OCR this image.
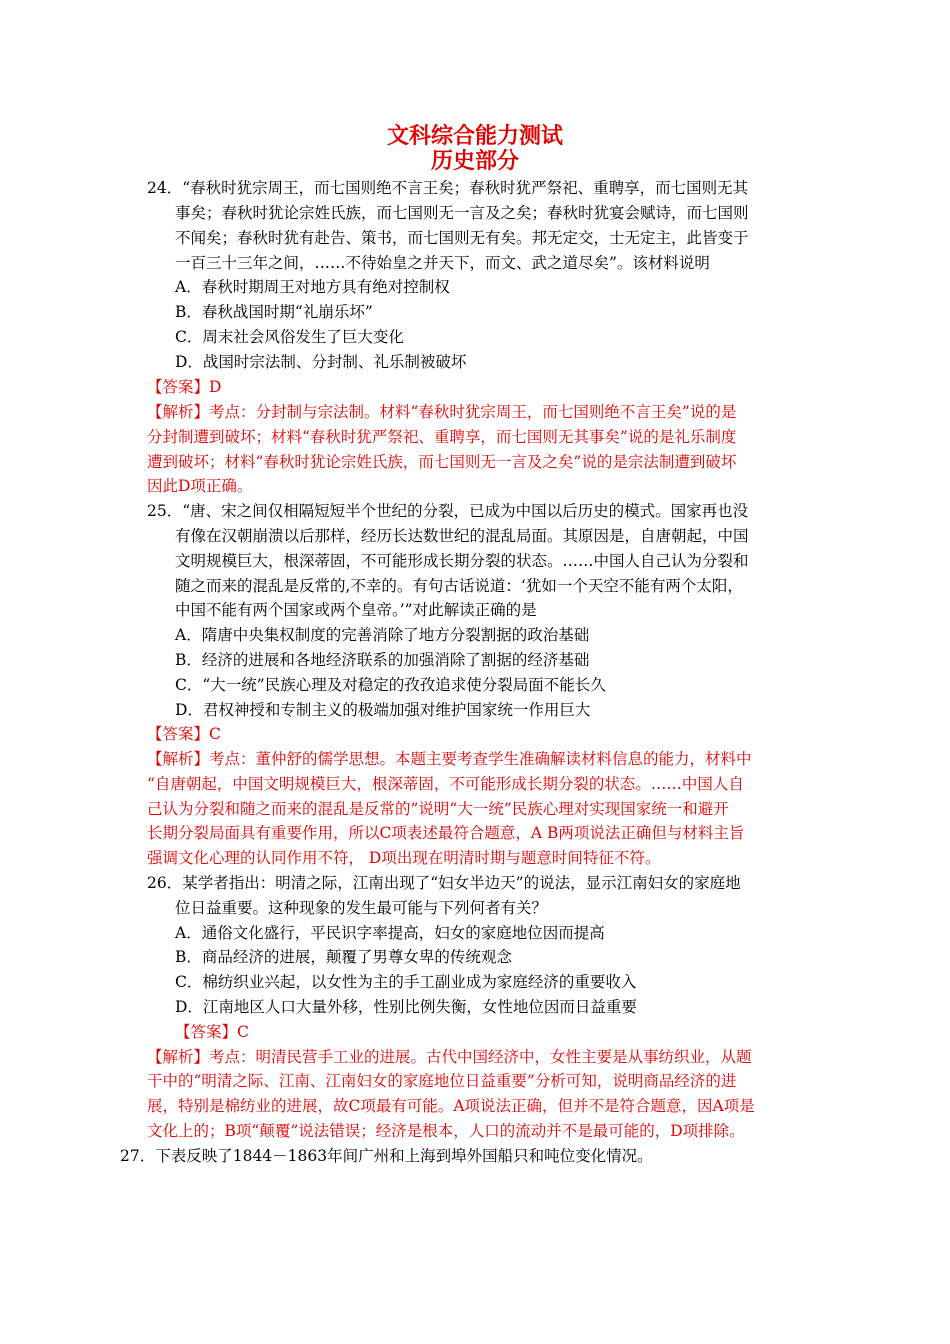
文科综合能力测试
历史部分
24．“春秋时犹宗周王，而七国则绝不言王矣；春秋时犹严祭祀、重聘享，而七国则无其
事矣；春秋时犹论宗姓氏族，而七国则无一言及之矣；春秋时犹宴会赋诗，而七国则
不闻矣；春秋时犹有赴告、策书，而七国则无有矣。邦无定交，士无定主，此皆变于
一百三十三年之间，……不待始皇之并天下，而文、武之道尽矣”。该材料说明
A．春秋时期周王对地方具有绝对控制权
B．春秋战国时期“礼崩乐坏”
C．周末社会风俗发生了巨大变化
D．战国时宗法制、分封制、礼乐制被破坏
【答案】D
【解析】考点：分封制与宗法制。材料“春秋时犹宗周王，而七国则绝不言王矣”说的是
分封制遭到破坏；材料“春秋时犹严祭祀、重聘享，而七国则无其事矣”说的是礼乐制度
遭到破坏；材料“春秋时犹论宗姓氏族，而七国则无一言及之矣”说的是宗法制遭到破坏
因此D项正确。
25．“唐、宋之间仅相隔短短半个世纪的分裂，已成为中国以后历史的模式。国家再也没
有像在汉朝崩溃以后那样，经历长达数世纪的混乱局面。其原因是，自唐朝起，中国
文明规模巨大，根深蒂固，不可能形成长期分裂的状态。……中国人自己认为分裂和
随之而来的混乱是反常的,不幸的。有句古话说道：‘犹如一个天空不能有两个太阳，
中国不能有两个国家或两个皇帝。’”对此解读正确的是
A．隋唐中央集权制度的完善消除了地方分裂割据的政治基础
B．经济的进展和各地经济联系的加强消除了割据的经济基础
C．“大一统”民族心理及对稳定的孜孜追求使分裂局面不能长久
D．君权神授和专制主义的极端加强对维护国家统一作用巨大
【答案】C
【解析】考点：董仲舒的儒学思想。本题主要考查学生准确解读材料信息的能力，材料中
“自唐朝起，中国文明规模巨大，根深蒂固，不可能形成长期分裂的状态。……中国人自
己认为分裂和随之而来的混乱是反常的”说明“大一统”民族心理对实现国家统一和避开
长期分裂局面具有重要作用，所以C项表述最符合题意，A B两项说法正确但与材料主旨
强调文化心理的认同作用不符， D项出现在明清时期与题意时间特征不符。
26．某学者指出：明清之际，江南出现了“妇女半边天”的说法，显示江南妇女的家庭地
位日益重要。这种现象的发生最可能与下列何者有关？
A．通俗文化盛行，平民识字率提高，妇女的家庭地位因而提高
B．商品经济的进展，颠覆了男尊女卑的传统观念
C．棉纺织业兴起，以女性为主的手工副业成为家庭经济的重要收入
D．江南地区人口大量外移，性别比例失衡，女性地位因而日益重要
【答案】C
【解析】考点：明清民营手工业的进展。古代中国经济中，女性主要是从事纺织业，从题
干中的“明清之际、江南、江南妇女的家庭地位日益重要”分析可知，说明商品经济的进
展，特别是棉纺业的进展，故C项最有可能。A项说法正确，但并不是符合题意，因A项是
文化上的；B项“颠覆”说法错误；经济是根本，人口的流动并不是最可能的，D项排除。
27．下表反映了1844－1863年间广州和上海到埠外国船只和吨位变化情况。
